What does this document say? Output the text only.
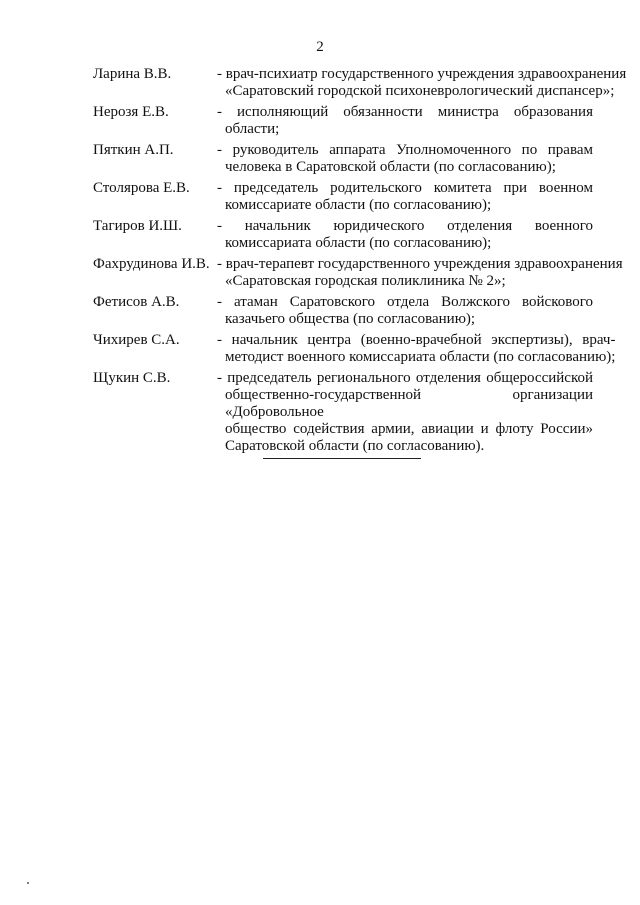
2
Ларина В.В.	- врач-психиатр государственного учреждения здравоохранения
«Саратовский городской психоневрологический диспансер»;
Нерозя Е.В.	- исполняющий обязанности министра образования
области;
Пяткин А.П.	- руководитель аппарата Уполномоченного по правам
человека в Саратовской области (по согласованию);
Столярова Е.В.	- председатель родительского комитета при военном
комиссариате области (по согласованию);
Тагиров И.Ш.	- начальник юридического отделения военного
комиссариата области (по согласованию);
Фахрудинова И.В. - врач-терапевт государственного учреждения здравоохранения
«Саратовская городская поликлиника № 2»;
Фетисов А.В.	- атаман Саратовского отдела Волжского войскового
казачьего общества (по согласованию);
Чихирев С.А.	- начальник центра (военно-врачебной экспертизы), врач-
методист военного комиссариата области (по согласованию);
Щукин С.В.	- председатель регионального отделения общероссийской
общественно-государственной организации «Добровольное
общество содействия армии, авиации и флоту России»
Саратовской области (по согласованию).
